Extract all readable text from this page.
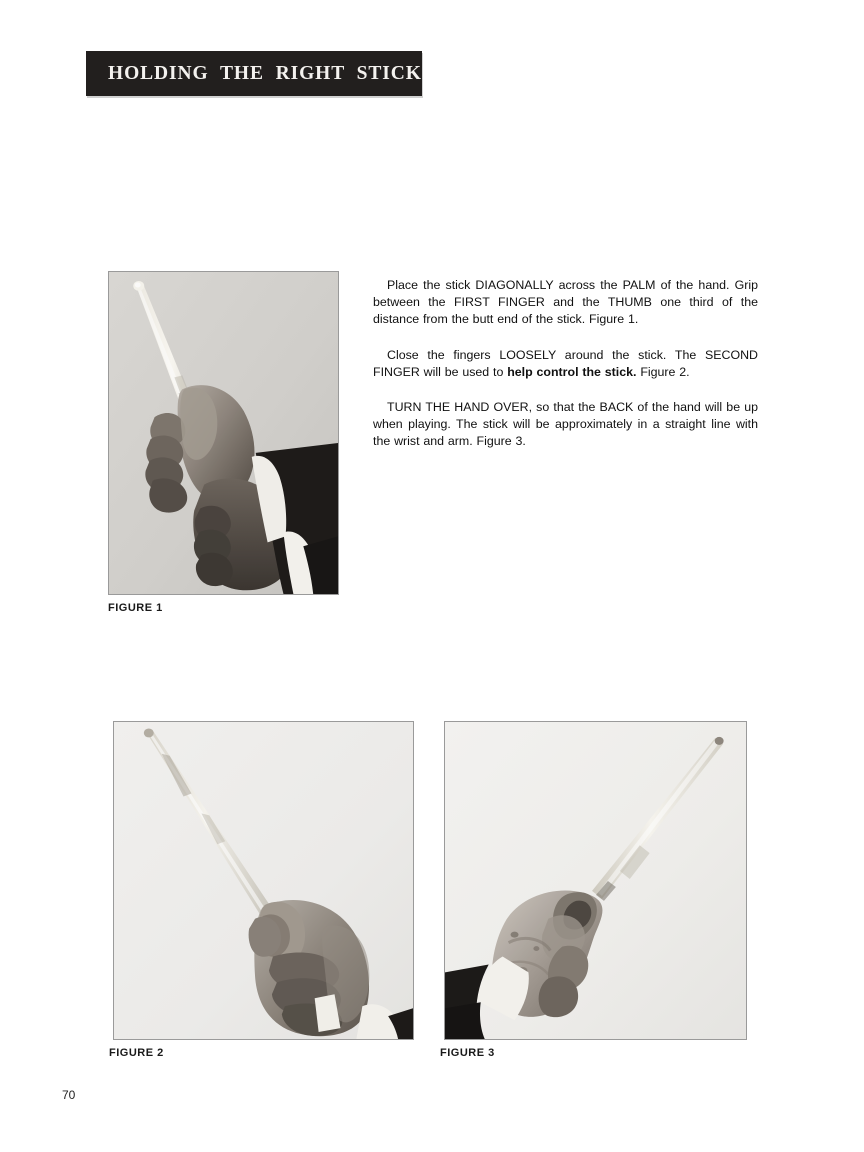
HOLDING THE RIGHT STICK

Place the stick DIAGONALLY across the PALM of the hand. Grip between the FIRST FINGER and the THUMB one third of the distance from the butt end of the stick. Figure 1.

Close the fingers LOOSELY around the stick. The SECOND FINGER will be used to help control the stick. Figure 2.

TURN THE HAND OVER, so that the BACK of the hand will be up when playing. The stick will be approximately in a straight line with the wrist and arm. Figure 3.

FIGURE 1
FIGURE 2	FIGURE 3
70
